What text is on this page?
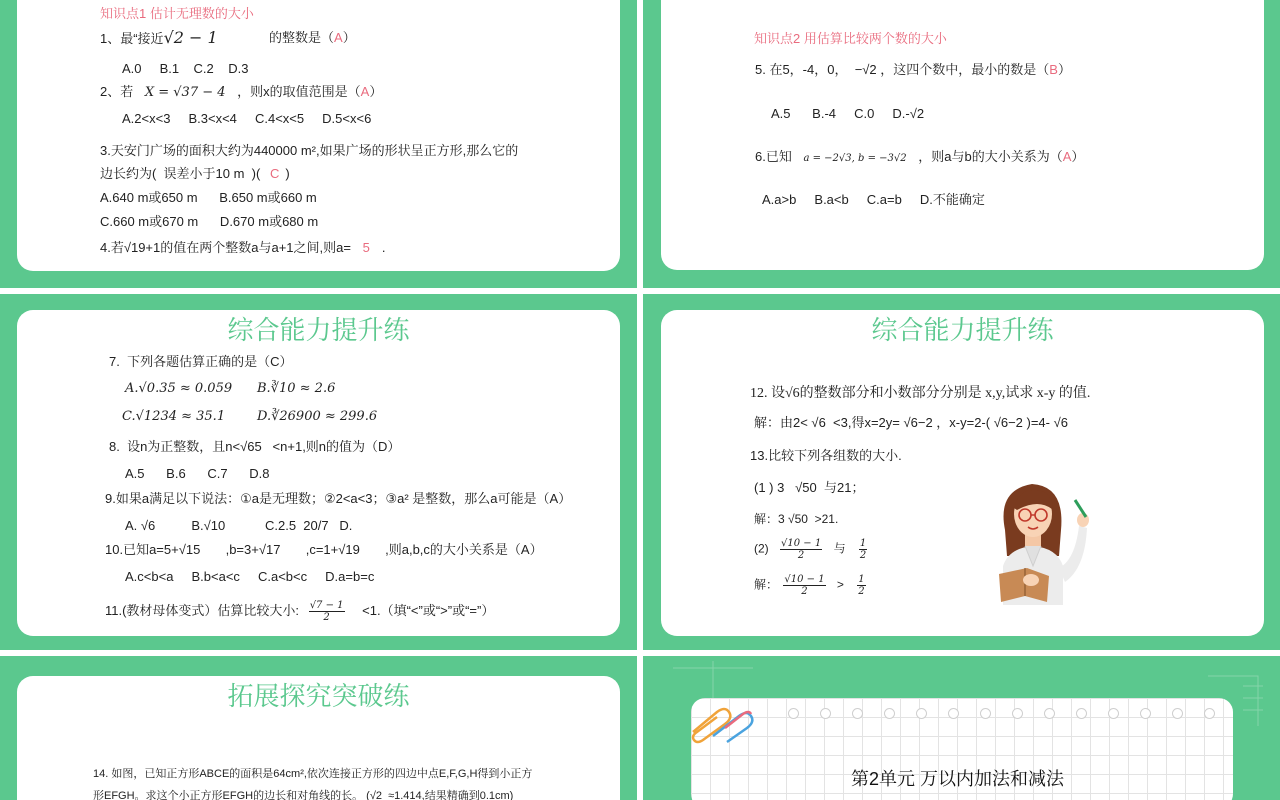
知识点1 估计无理数的大小
1、最“接近√2 − 1	的整数是（A）
A.0     B.1    C.2    D.3
2、若 X = √37 − 4 ，则x的取值范围是（A）
A.2<x<3     B.3<x<4     C.4<x<5     D.5<x<6
3.天安门广场的面积大约为440000 m²,如果广场的形状呈正方形,那么它的
边长约为(  误差小于10 m  )( C )
A.640 m或650 m      B.650 m或660 m
C.660 m或670 m      D.670 m或680 m
4.若√19+1的值在两个整数a与a+1之间,则a= 5 .
知识点2 用估算比较两个数的大小
5. 在5，-4，0，  −√2 ，这四个数中，最小的数是（B）
A.5      B.-4     C.0     D.-√2
6.已知 a = −2√3, b = −3√2 ，则a与b的大小关系为（A）
A.a>b     B.a<b     C.a=b     D.不能确定
综合能力提升练
7.  下列各题估算正确的是（C）
A.√0.35 ≈ 0.059 B.∛10 ≈ 2.6
C.√1234 ≈ 35.1 D.∛26900 ≈ 299.6
8.  设n为正整数，且n<√65   <n+1,则n的值为（D）
A.5      B.6      C.7      D.8
9.如果a满足以下说法：①a是无理数；②2<a<3；③a² 是整数，那么a可能是（A）
A. √6          B.√10           C.2.5  20/7   D.
10.已知a=5+√15       ,b=3+√17       ,c=1+√19       ,则a,b,c的大小关系是（A）
A.c<b<a     B.b<a<c     C.a<b<c     D.a=b=c
11.(教材母体变式）估算比较大小: $\frac{√7 - 1}{2} <1$.（填“<”或“>”或“=”）
综合能力提升练
12. 设√6的整数部分和小数部分分别是 x,y,试求 x-y 的值.
解：由2< √6  <3,得x=2y= √6−2 ，x-y=2-( √6−2 )=4- √6
13.比较下列各组数的大小.
(1 ) 3   √50  与21；
解：3 √50  >21.
$(2) \frac{√10 - 1}{2}$ 与 $\frac{1}{2}$
解： $\frac{√10 - 1}{2} > \frac{1}{2}$
拓展探究突破练
14. 如图，已知正方形ABCE的面积是64cm²,依次连接正方形的四边中点E,F,G,H得到小正方
形EFGH。求这个小正方形EFGH的边长和对角线的长。 (√2  ≈1.414,结果精确到0.1cm)
第2单元 万以内加法和减法
